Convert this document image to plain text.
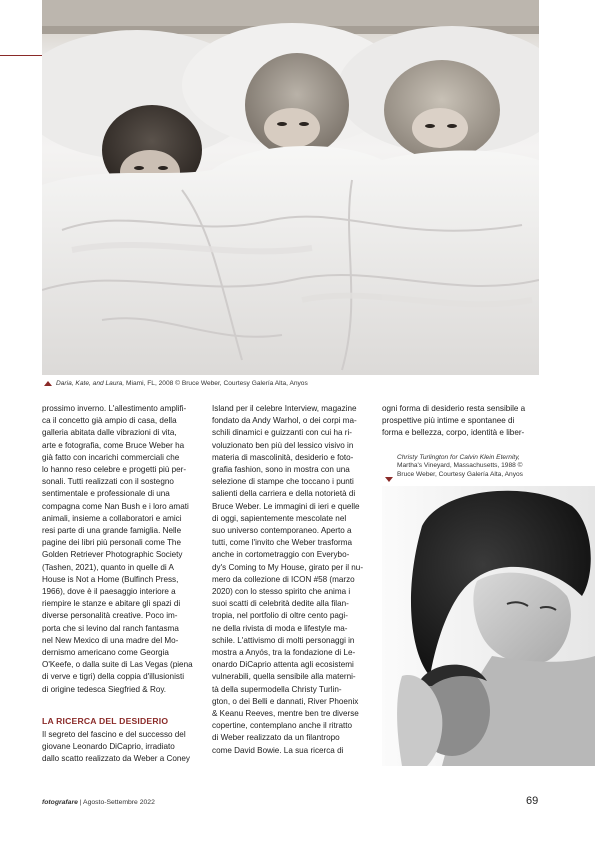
Daria, Kate, and Laura, Miami, FL, 2008 © Bruce Weber, Courtesy Galería Alta, Anyos

prossimo inverno. L'allestimento amplifi-

ca il concetto già ampio di casa, della

galleria abitata dalle vibrazioni di vita,

arte e fotografia, come Bruce Weber ha

già fatto con incarichi commerciali che

lo hanno reso celebre e progetti più per-

sonali. Tutti realizzati con il sostegno

sentimentale e professionale di una

compagna come Nan Bush e i loro amati

animali, insieme a collaboratori e amici

resi parte di una grande famiglia. Nelle

pagine dei libri più personali come The

Golden Retriever Photographic Society

(Tashen, 2021), quanto in quelle di A

House is Not a Home (Bulfinch Press,

1966), dove è il paesaggio interiore a

riempire le stanze e abitare gli spazi di

diverse personalità creative. Poco im-

porta che si levino dal ranch fantasma

nel New Mexico di una madre del Mo-

dernismo americano come Georgia

O'Keefe, o dalla suite di Las Vegas (piena

di verve e tigri) della coppia d'illusionisti

di origine tedesca Siegfried & Roy.

LA RICERCA DEL DESIDERIO

Il segreto del fascino e del successo del

giovane Leonardo DiCaprio, irradiato

dallo scatto realizzato da Weber a Coney

Island per il celebre Interview, magazine

fondato da Andy Warhol, o dei corpi ma-

schili dinamici e guizzanti con cui ha ri-

voluzionato ben più del lessico visivo in

materia di mascolinità, desiderio e foto-

grafia fashion, sono in mostra con una

selezione di stampe che toccano i punti

salienti della carriera e della notorietà di

Bruce Weber. Le immagini di ieri e quelle

di oggi, sapientemente mescolate nel

suo universo contemporaneo. Aperto a

tutti, come l'invito che Weber trasforma

anche in cortometraggio con Everybo-

dy's Coming to My House, girato per il nu-

mero da collezione di ICON #58 (marzo

2020) con lo stesso spirito che anima i

suoi scatti di celebrità dedite alla filan-

tropia, nel portfolio di oltre cento pagi-

ne della rivista di moda e lifestyle ma-

schile. L'attivismo di molti personaggi in

mostra a Anyós, tra la fondazione di Le-

onardo DiCaprio attenta agli ecosistemi

vulnerabili, quella sensibile alla materni-

tà della supermodella Christy Turlin-

gton, o dei Belli e dannati, River Phoenix

& Keanu Reeves, mentre ben tre diverse

copertine, contemplano anche il ritratto

di Weber realizzato da un filantropo

come David Bowie. La sua ricerca di

ogni forma di desiderio resta sensibile a

prospettive più intime e spontanee di

forma e bellezza, corpo, identità e liber-

Christy Turlington for Calvin Klein Eternity, Martha's Vineyard, Massachusetts, 1988 © Bruce Weber, Courtesy Galería Alta, Anyos
fotografare | Agosto-Settembre 2022	69
